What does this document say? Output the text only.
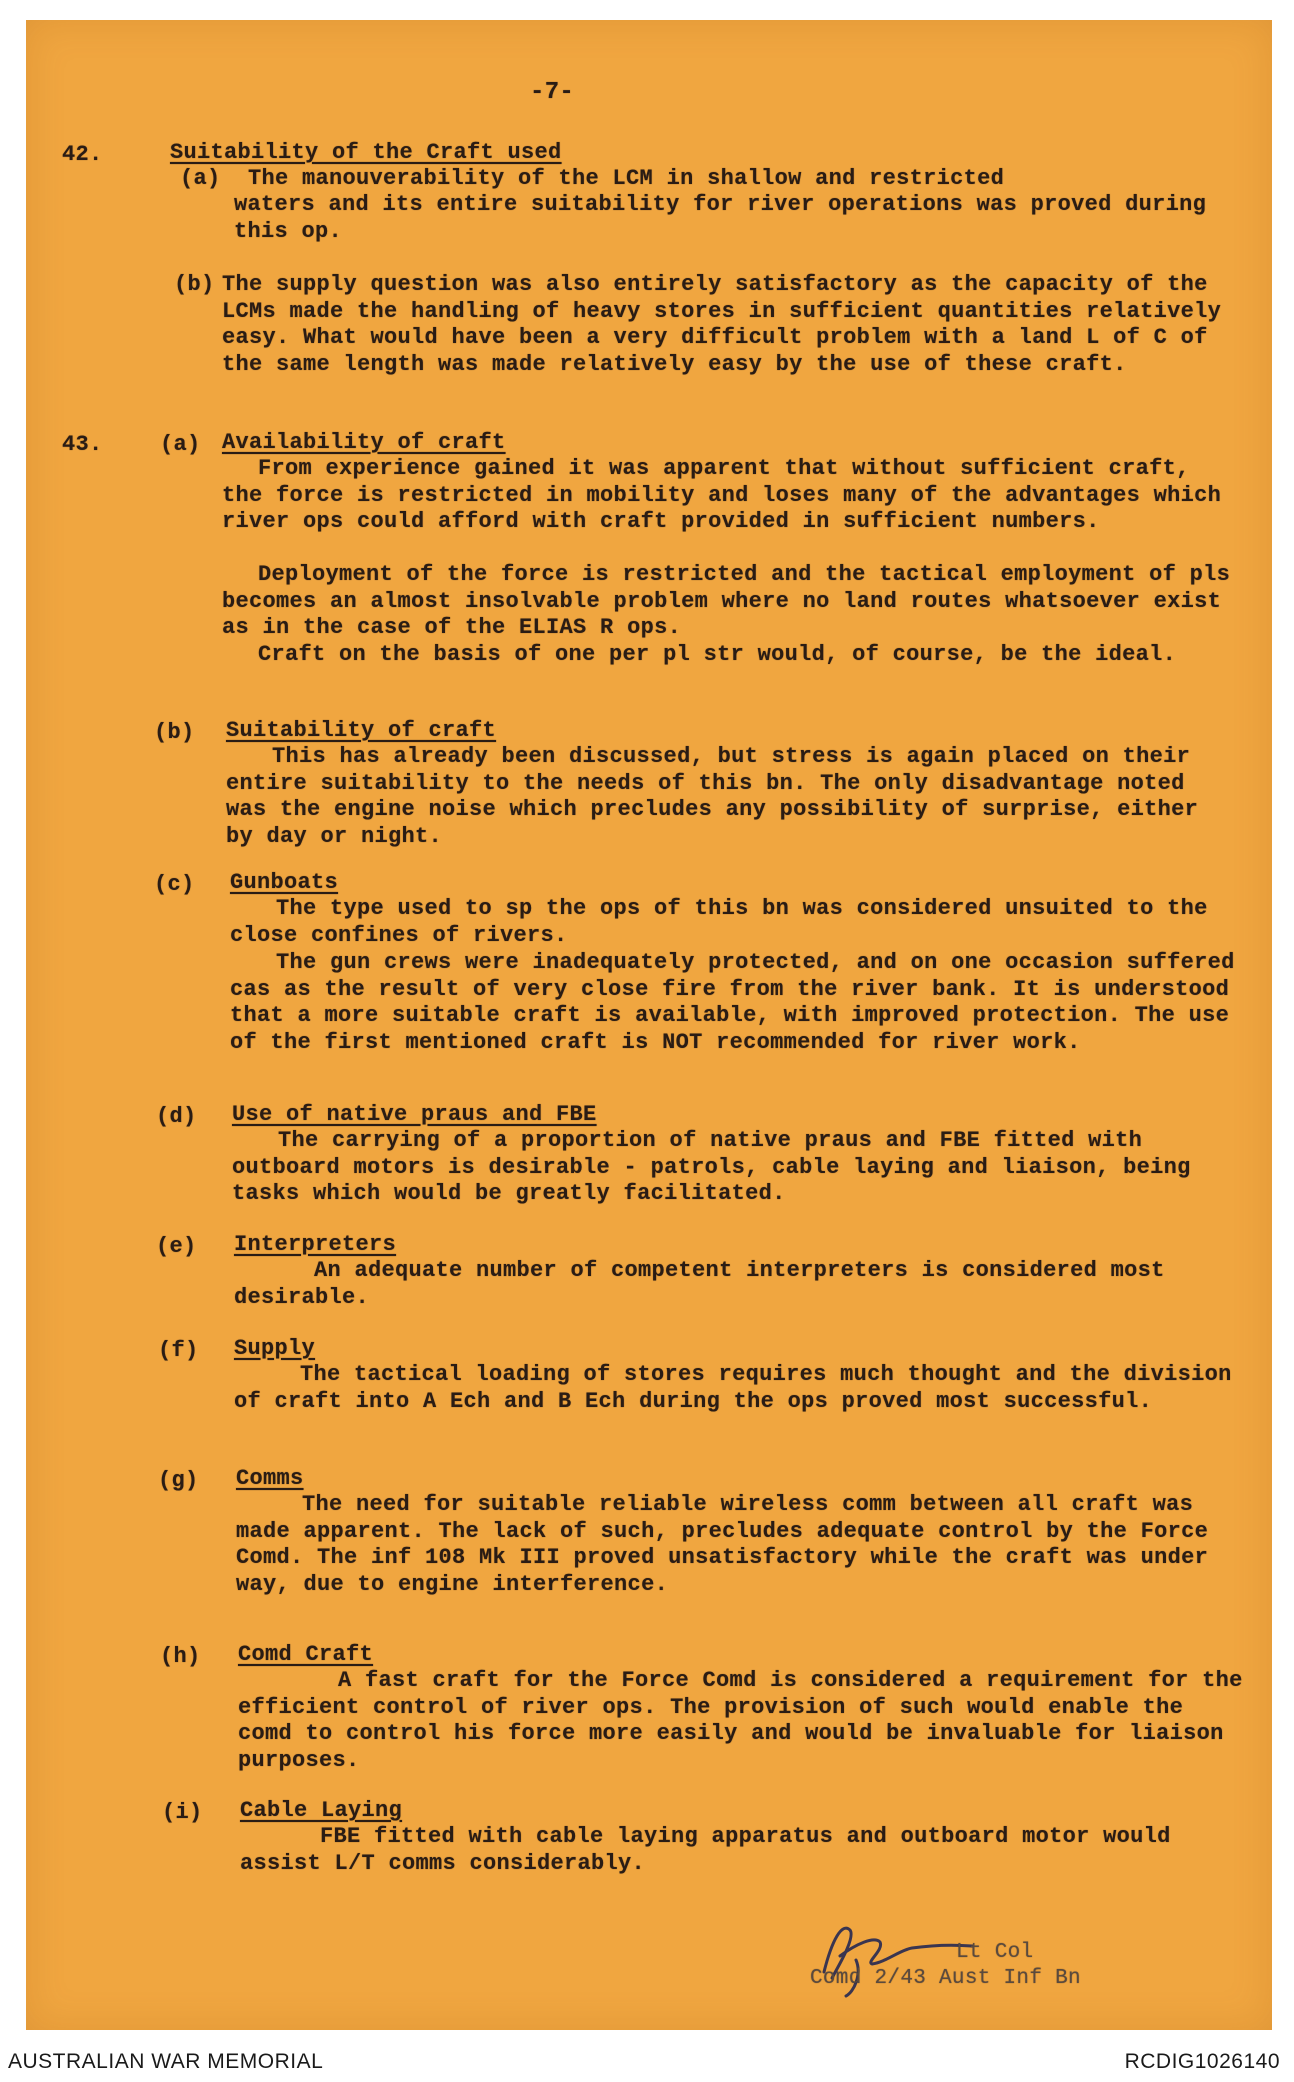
-7-
42.	Suitability of the Craft used
(a) The manouverability of the LCM in shallow and restricted
waters and its entire suitability for river operations was proved during this op.
(b) The supply question was also entirely satisfactory as the capacity of the LCMs made the handling of heavy stores in sufficient quantities relatively easy. What would have been a very difficult problem with a land L of C of the same length was made relatively easy by the use of these craft.
43.	(a) Availability of craft
From experience gained it was apparent that without sufficient craft, the force is restricted in mobility and loses many of the advantages which river ops could afford with craft provided in sufficient numbers.
Deployment of the force is restricted and the tactical employment of pls becomes an almost insolvable problem where no land routes whatsoever exist as in the case of the ELIAS R ops.
Craft on the basis of one per pl str would, of course, be the ideal.
(b) Suitability of craft
This has already been discussed, but stress is again placed on their entire suitability to the needs of this bn. The only disadvantage noted was the engine noise which precludes any possibility of surprise, either by day or night.
(c) Gunboats
The type used to sp the ops of this bn was considered unsuited to the close confines of rivers.
The gun crews were inadequately protected, and on one occasion suffered cas as the result of very close fire from the river bank. It is understood that a more suitable craft is available, with improved protection. The use of the first mentioned craft is NOT recommended for river work.
(d) Use of native praus and FBE
The carrying of a proportion of native praus and FBE fitted with outboard motors is desirable - patrols, cable laying and liaison, being tasks which would be greatly facilitated.
(e) Interpreters
An adequate number of competent interpreters is considered most desirable.
(f) Supply
The tactical loading of stores requires much thought and the division of craft into A Ech and B Ech during the ops proved most successful.
(g) Comms
The need for suitable reliable wireless comm between all craft was made apparent. The lack of such, precludes adequate control by the Force Comd. The inf 108 Mk III proved unsatisfactory while the craft was under way, due to engine interference.
(h) Comd Craft
A fast craft for the Force Comd is considered a requirement for the efficient control of river ops. The provision of such would enable the comd to control his force more easily and would be invaluable for liaison purposes.
(i) Cable Laying
FBE fitted with cable laying apparatus and outboard motor would assist L/T comms considerably.
Lt Col
Comd 2/43 Aust Inf Bn
AUSTRALIAN WAR MEMORIAL	RCDIG1026140
